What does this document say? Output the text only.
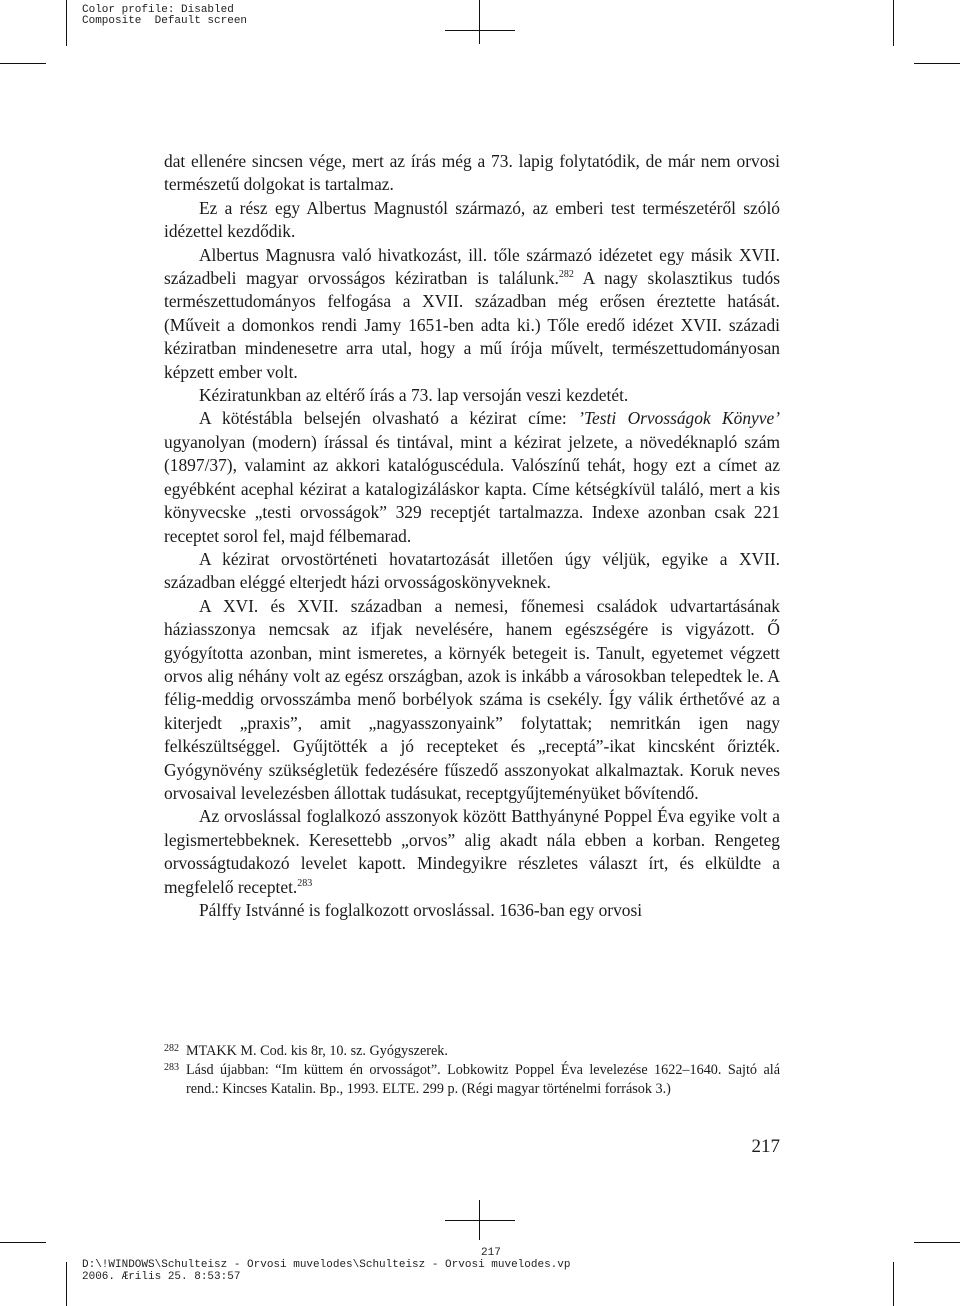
Color profile: Disabled
Composite  Default screen

dat ellenére sincsen vége, mert az írás még a 73. lapig folytatódik, de már nem orvosi természetű dolgokat is tartalmaz.

Ez a rész egy Albertus Magnustól származó, az emberi test természetéről szóló idézettel kezdődik.

Albertus Magnusra való hivatkozást, ill. tőle származó idézetet egy másik XVII. századbeli magyar orvosságos kéziratban is találunk.$^{282}$ A nagy skolasztikus tudós természettudományos felfogása a XVII. században még erősen éreztette hatását. (Műveit a domonkos rendi Jamy 1651-ben adta ki.) Tőle eredő idézet XVII. századi kéziratban mindenesetre arra utal, hogy a mű írója művelt, természettudományosan képzett ember volt.

Kéziratunkban az eltérő írás a 73. lap versoján veszi kezdetét.

A kötéstábla belsején olvasható a kézirat címe: ’Testi Orvosságok Könyve’ ugyanolyan (modern) írással és tintával, mint a kézirat jelzete, a növedéknapló szám (1897/37), valamint az akkori katalóguscédula. Valószínű tehát, hogy ezt a címet az egyébként acephal kézirat a katalogizáláskor kapta. Címe kétségkívül találó, mert a kis könyvecske „testi orvosságok” 329 receptjét tartalmazza. Indexe azonban csak 221 receptet sorol fel, majd félbemarad.

A kézirat orvostörténeti hovatartozását illetően úgy véljük, egyike a XVII. században eléggé elterjedt házi orvosságoskönyveknek.

A XVI. és XVII. században a nemesi, főnemesi családok udvartartásának háziasszonya nemcsak az ifjak nevelésére, hanem egészségére is vigyázott. Ő gyógyította azonban, mint ismeretes, a környék betegeit is. Tanult, egyetemet végzett orvos alig néhány volt az egész országban, azok is inkább a városokban telepedtek le. A félig-meddig orvosszámba menő borbélyok száma is csekély. Így válik érthetővé az a kiterjedt „praxis”, amit „nagyasszonyaink” folytattak; nemritkán igen nagy felkészültséggel. Gyűjtötték a jó recepteket és „receptá”-ikat kincsként őrizték. Gyógynövény szükségletük fedezésére fűszedő asszonyokat alkalmaztak. Koruk neves orvosaival levelezésben állottak tudásukat, receptgyűjteményüket bővítendő.

Az orvoslással foglalkozó asszonyok között Batthyányné Poppel Éva egyike volt a legismertebbeknek. Keresettebb „orvos” alig akadt nála ebben a korban. Rengeteg orvosságtudakozó levelet kapott. Mindegyikre részletes választ írt, és elküldte a megfelelő receptet.$^{283}$

Pálffy Istvánné is foglalkozott orvoslással. 1636-ban egy orvosi

282 MTAKK M. Cod. kis 8r, 10. sz. Gyógyszerek.
283 Lásd újabban: “Im küttem én orvosságot”. Lobkowitz Poppel Éva levelezése 1622–1640. Sajtó alá rend.: Kincses Katalin. Bp., 1993. ELTE. 299 p. (Régi magyar történelmi források 3.)
217
217
D:\!WINDOWS\Schulteisz - Orvosi muvelodes\Schulteisz - Orvosi muvelodes.vp
2006. Ærilis 25. 8:53:57
